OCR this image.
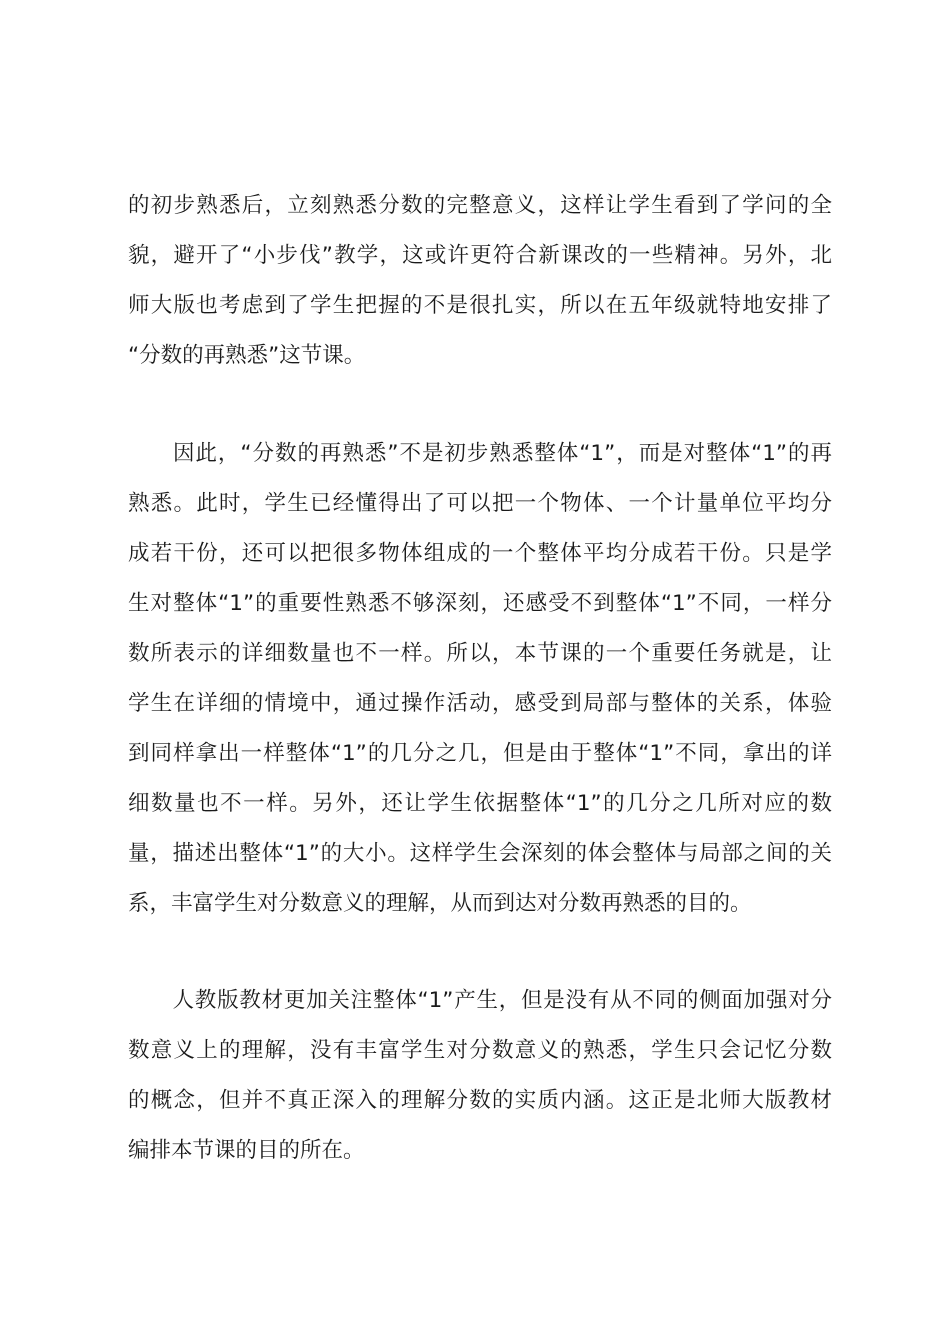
的初步熟悉后，立刻熟悉分数的完整意义，这样让学生看到了学问的全
貌，避开了“小步伐”教学，这或许更符合新课改的一些精神。另外，北
师大版也考虑到了学生把握的不是很扎实，所以在五年级就特地安排了
“分数的再熟悉”这节课。
　　因此，“分数的再熟悉”不是初步熟悉整体“1”，而是对整体“1”的再
熟悉。此时，学生已经懂得出了可以把一个物体、一个计量单位平均分
成若干份，还可以把很多物体组成的一个整体平均分成若干份。只是学
生对整体“1”的重要性熟悉不够深刻，还感受不到整体“1”不同，一样分
数所表示的详细数量也不一样。所以，本节课的一个重要任务就是，让
学生在详细的情境中，通过操作活动，感受到局部与整体的关系，体验
到同样拿出一样整体“1”的几分之几，但是由于整体“1”不同，拿出的详
细数量也不一样。另外，还让学生依据整体“1”的几分之几所对应的数
量，描述出整体“1”的大小。这样学生会深刻的体会整体与局部之间的关
系，丰富学生对分数意义的理解，从而到达对分数再熟悉的目的。
　　人教版教材更加关注整体“1”产生，但是没有从不同的侧面加强对分
数意义上的理解，没有丰富学生对分数意义的熟悉，学生只会记忆分数
的概念，但并不真正深入的理解分数的实质内涵。这正是北师大版教材
编排本节课的目的所在。
